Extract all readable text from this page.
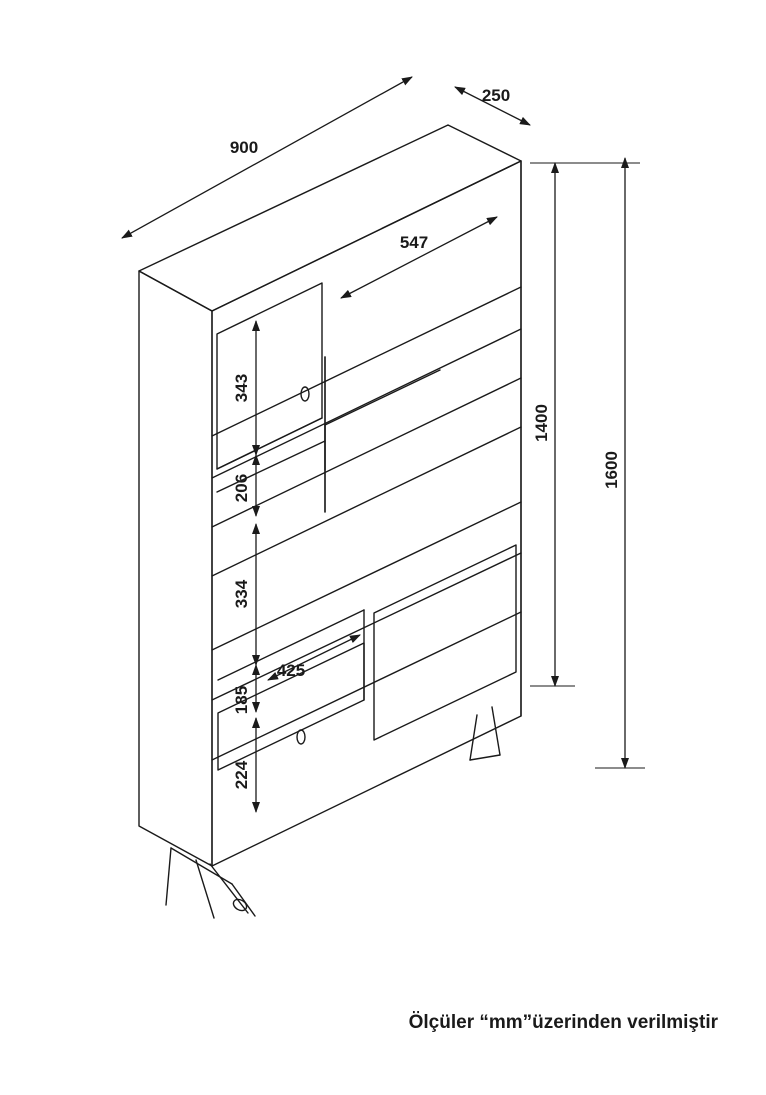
900
250
547
343
206
334
185
224
425
1400
1600
Ölçüler “mm”üzerinden verilmiştir
